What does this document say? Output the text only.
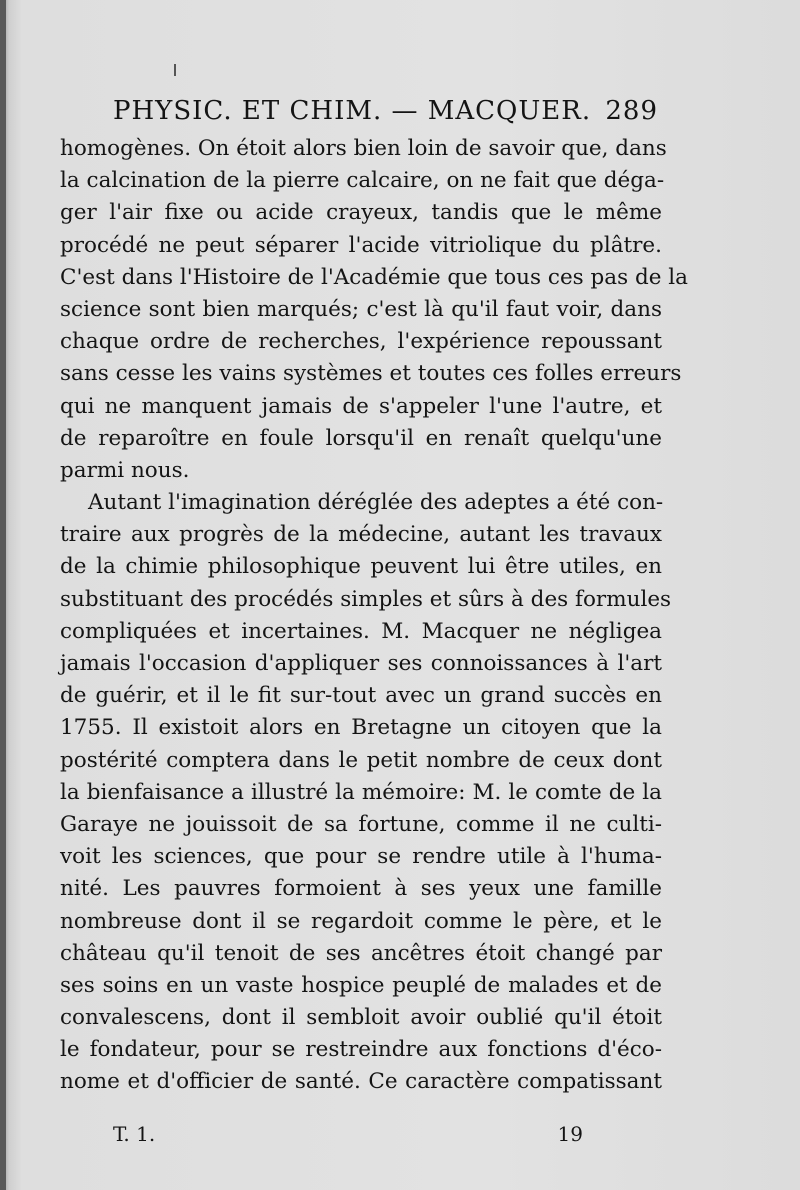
PHYSIC. ET CHIM. — MACQUER. 289
homogènes. On étoit alors bien loin de savoir que, dans
la calcination de la pierre calcaire, on ne fait que déga-
ger l'air fixe ou acide crayeux, tandis que le même
procédé ne peut séparer l'acide vitriolique du plâtre.
C'est dans l'Histoire de l'Académie que tous ces pas de la
science sont bien marqués; c'est là qu'il faut voir, dans
chaque ordre de recherches, l'expérience repoussant
sans cesse les vains systèmes et toutes ces folles erreurs
qui ne manquent jamais de s'appeler l'une l'autre, et
de reparoître en foule lorsqu'il en renaît quelqu'une
parmi nous.
Autant l'imagination déréglée des adeptes a été con-
traire aux progrès de la médecine, autant les travaux
de la chimie philosophique peuvent lui être utiles, en
substituant des procédés simples et sûrs à des formules
compliquées et incertaines. M. Macquer ne négligea
jamais l'occasion d'appliquer ses connoissances à l'art
de guérir, et il le fit sur-tout avec un grand succès en
1755. Il existoit alors en Bretagne un citoyen que la
postérité comptera dans le petit nombre de ceux dont
la bienfaisance a illustré la mémoire: M. le comte de la
Garaye ne jouissoit de sa fortune, comme il ne culti-
voit les sciences, que pour se rendre utile à l'huma-
nité. Les pauvres formoient à ses yeux une famille
nombreuse dont il se regardoit comme le père, et le
château qu'il tenoit de ses ancêtres étoit changé par
ses soins en un vaste hospice peuplé de malades et de
convalescens, dont il sembloit avoir oublié qu'il étoit
le fondateur, pour se restreindre aux fonctions d'éco-
nome et d'officier de santé. Ce caractère compatissant
T. 1.	19
